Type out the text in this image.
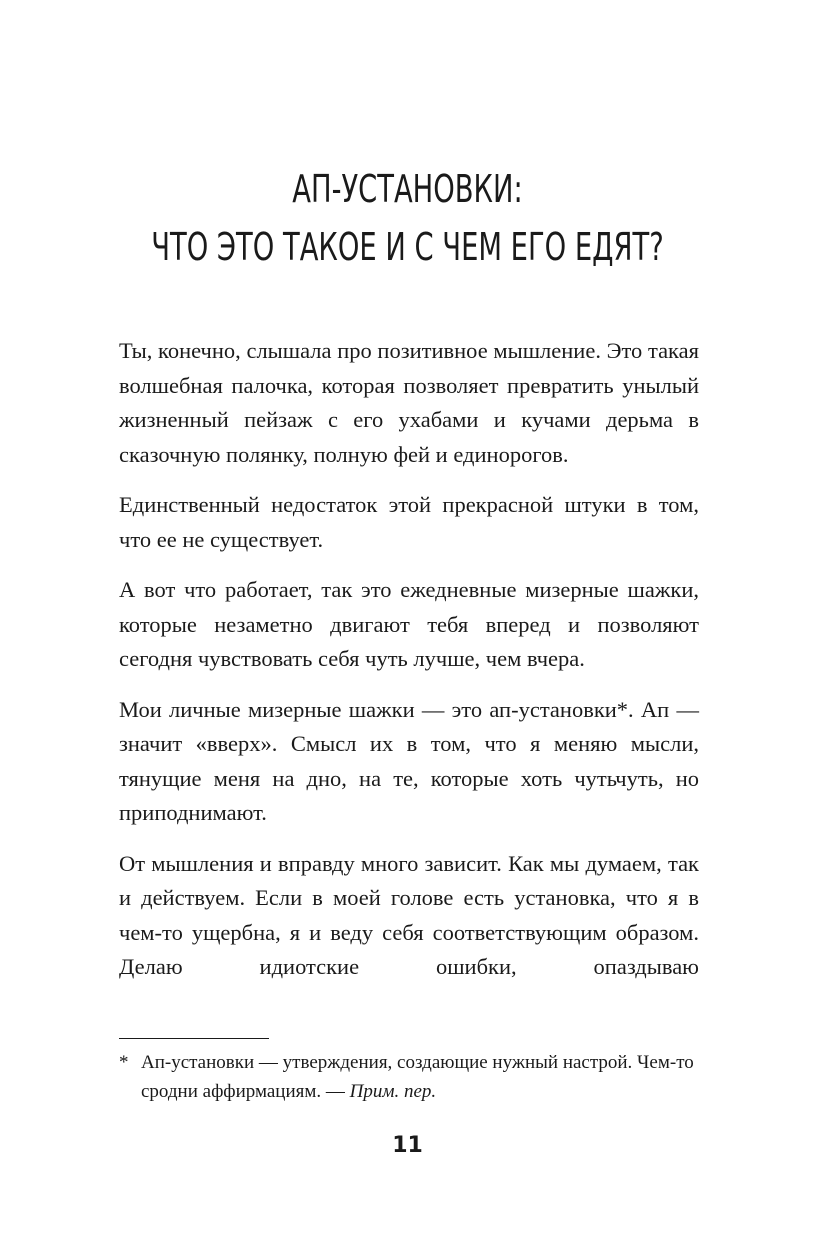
АП-УСТАНОВКИ:
ЧТО ЭТО ТАКОЕ И С ЧЕМ ЕГО ЕДЯТ?

Ты, конечно, слышала про позитивное мышление. Это такая волшебная палочка, которая позволяет превратить унылый жизненный пейзаж с его ухабами и кучами дерьма в сказочную полянку, полную фей и единорогов.

Единственный недостаток этой прекрасной штуки в том, что ее не существует.

А вот что работает, так это ежедневные мизерные шажки, которые незаметно двигают тебя вперед и позволяют сегодня чувствовать себя чуть лучше, чем вчера.

Мои личные мизерные шажки — это ап-установки*. Ап — значит «вверх». Смысл их в том, что я меняю мысли, тянущие меня на дно, на те, которые хоть чутьчуть, но приподнимают.

От мышления и вправду много зависит. Как мы думаем, так и действуем. Если в моей голове есть установка, что я в чем-то ущербна, я и веду себя соответствующим образом. Делаю идиотские ошибки, опаздываю

* Ап-установки — утверждения, создающие нужный настрой. Чем-то сродни аффирмациям. — Прим. пер.
11
